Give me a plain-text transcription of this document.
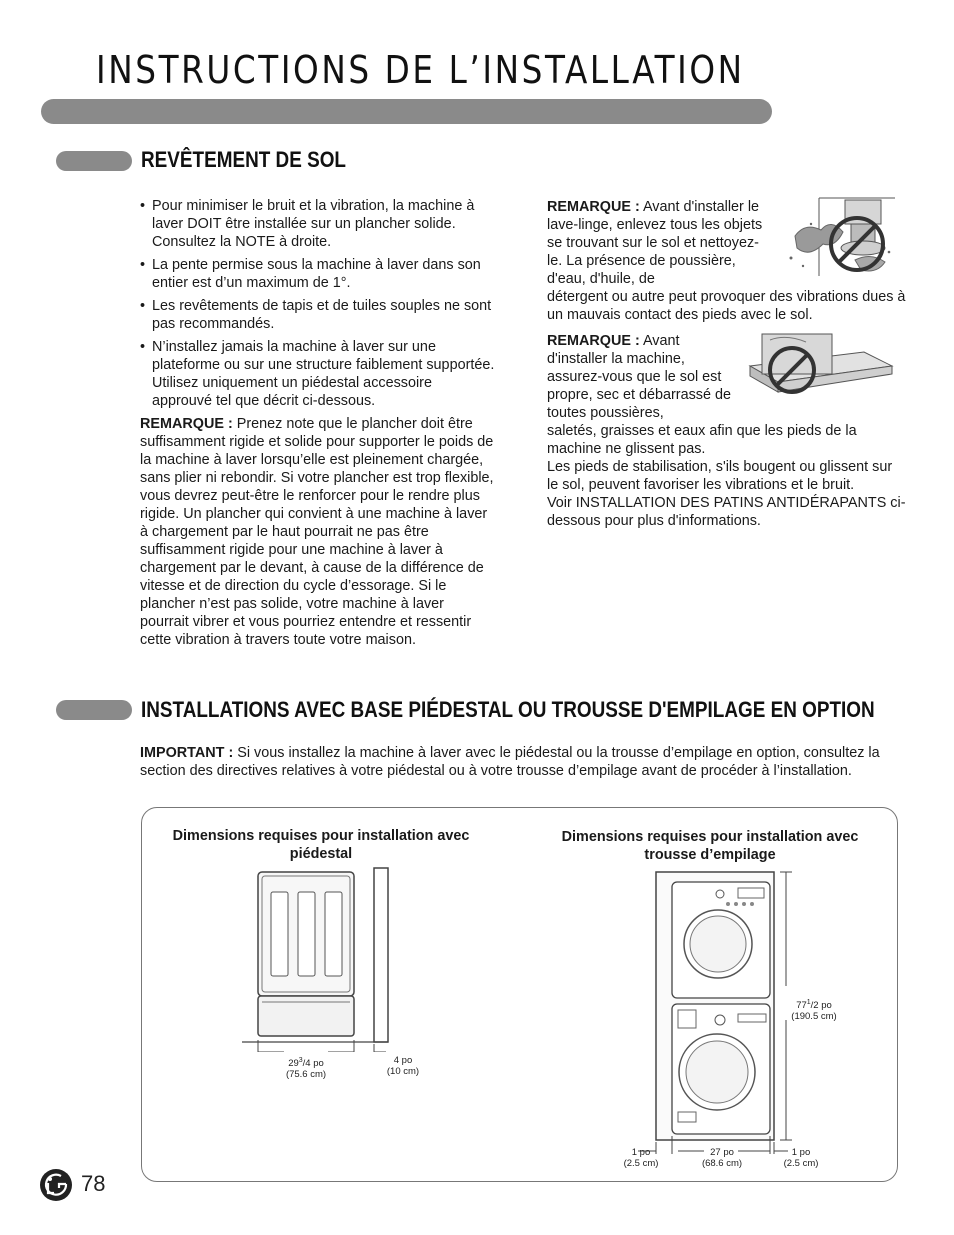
INSTRUCTIONS DE L’INSTALLATION
REVÊTEMENT DE SOL
• Pour minimiser le bruit et la vibration, la machine à laver DOIT être installée sur un plancher solide. Consultez la NOTE à droite.
• La pente permise sous la machine à laver dans son entier est d’un maximum de 1°.
• Les revêtements de tapis et de tuiles souples ne sont pas recommandés.
• N’installez jamais la machine à laver sur une plateforme ou sur une structure faiblement supportée. Utilisez uniquement un piédestal accessoire approuvé tel que décrit ci-dessous.

REMARQUE : Prenez note que le plancher doit être suffisamment rigide et solide pour supporter le poids de la machine à laver lorsqu’elle est pleinement chargée, sans plier ni rebondir. Si votre plancher est trop flexible, vous devrez peut-être le renforcer pour le rendre plus rigide. Un plancher qui convient à une machine à laver à chargement par le haut pourrait ne pas être suffisamment rigide pour une machine à laver à chargement par le devant, à cause de la différence de vitesse et de direction du cycle d’essorage. Si le plancher n’est pas solide, votre machine à laver pourrait vibrer et vous pourriez entendre et ressentir cette vibration à travers toute votre maison.

REMARQUE : Avant d'installer le lave-linge, enlevez tous les objets se trouvant sur le sol et nettoyez-le. La présence de poussière, d'eau, d'huile, de

détergent ou autre peut provoquer des vibrations dues à un mauvais contact des pieds avec le sol.

REMARQUE : Avant d'installer la machine, assurez-vous que le sol est propre, sec et débarrassé de toutes poussières,

saletés, graisses et eaux afin que les pieds de la machine ne glissent pas.

Les pieds de stabilisation, s'ils bougent ou glissent sur le sol, peuvent favoriser les vibrations et le bruit.

Voir INSTALLATION DES PATINS ANTIDÉRAPANTS ci-dessous pour plus d'informations.

INSTALLATIONS AVEC BASE PIÉDESTAL OU TROUSSE D'EMPILAGE EN OPTION

IMPORTANT : Si vous installez la machine à laver avec le piédestal ou la trousse d’empilage en option, consultez la section des directives relatives à votre piédestal ou à votre trousse d’empilage avant de procéder à l’installation.

Dimensions requises pour installation avec piédestal
$29^3/4$ po
(75.6 cm)
4 po
(10 cm)
Dimensions requises pour installation avec trousse d’empilage
$77^1/2$ po
(190.5 cm)
1 po
(2.5 cm)
27 po
(68.6 cm)
1 po
(2.5 cm)
78
